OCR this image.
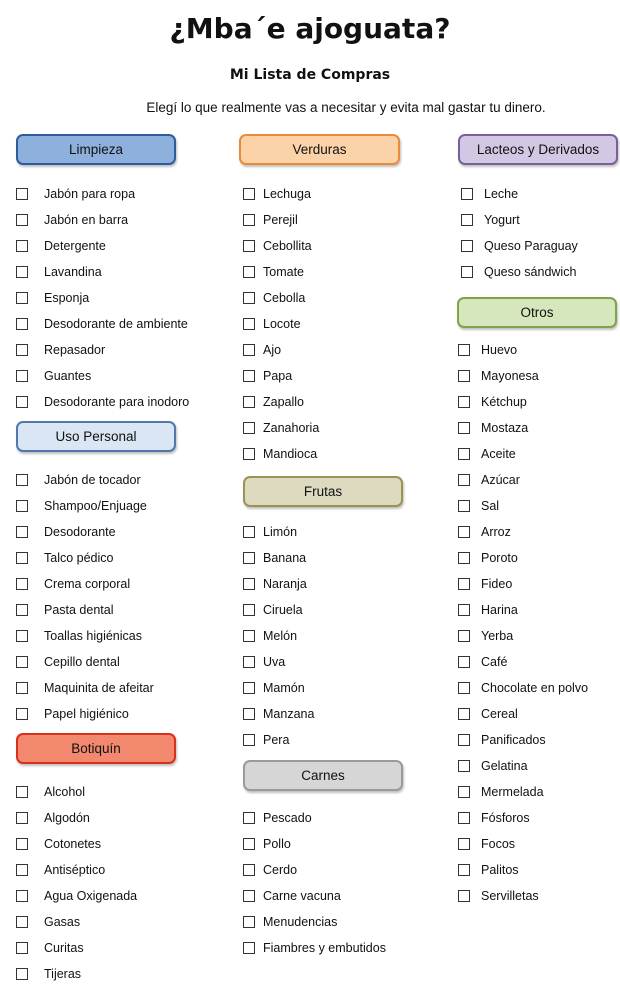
¿Mba´e ajoguata?
Mi Lista de Compras
Elegí lo que realmente vas a necesitar y evita mal gastar tu dinero.
Limpieza
Jabón para ropa
Jabón en barra
Detergente
Lavandina
Esponja
Desodorante de ambiente
Repasador
Guantes
Desodorante para inodoro
Uso Personal
Jabón de tocador
Shampoo/Enjuage
Desodorante
Talco pédico
Crema corporal
Pasta dental
Toallas higiénicas
Cepillo dental
Maquinita de afeitar
Papel higiénico
Botiquín
Alcohol
Algodón
Cotonetes
Antiséptico
Agua Oxigenada
Gasas
Curitas
Tijeras
Verduras
Lechuga
Perejil
Cebollita
Tomate
Cebolla
Locote
Ajo
Papa
Zapallo
Zanahoria
Mandioca
Frutas
Limón
Banana
Naranja
Ciruela
Melón
Uva
Mamón
Manzana
Pera
Carnes
Pescado
Pollo
Cerdo
Carne vacuna
Menudencias
Fiambres y embutidos
Lacteos y Derivados
Leche
Yogurt
Queso Paraguay
Queso sándwich
Otros
Huevo
Mayonesa
Kétchup
Mostaza
Aceite
Azúcar
Sal
Arroz
Poroto
Fideo
Harina
Yerba
Café
Chocolate en polvo
Cereal
Panificados
Gelatina
Mermelada
Fósforos
Focos
Palitos
Servilletas
